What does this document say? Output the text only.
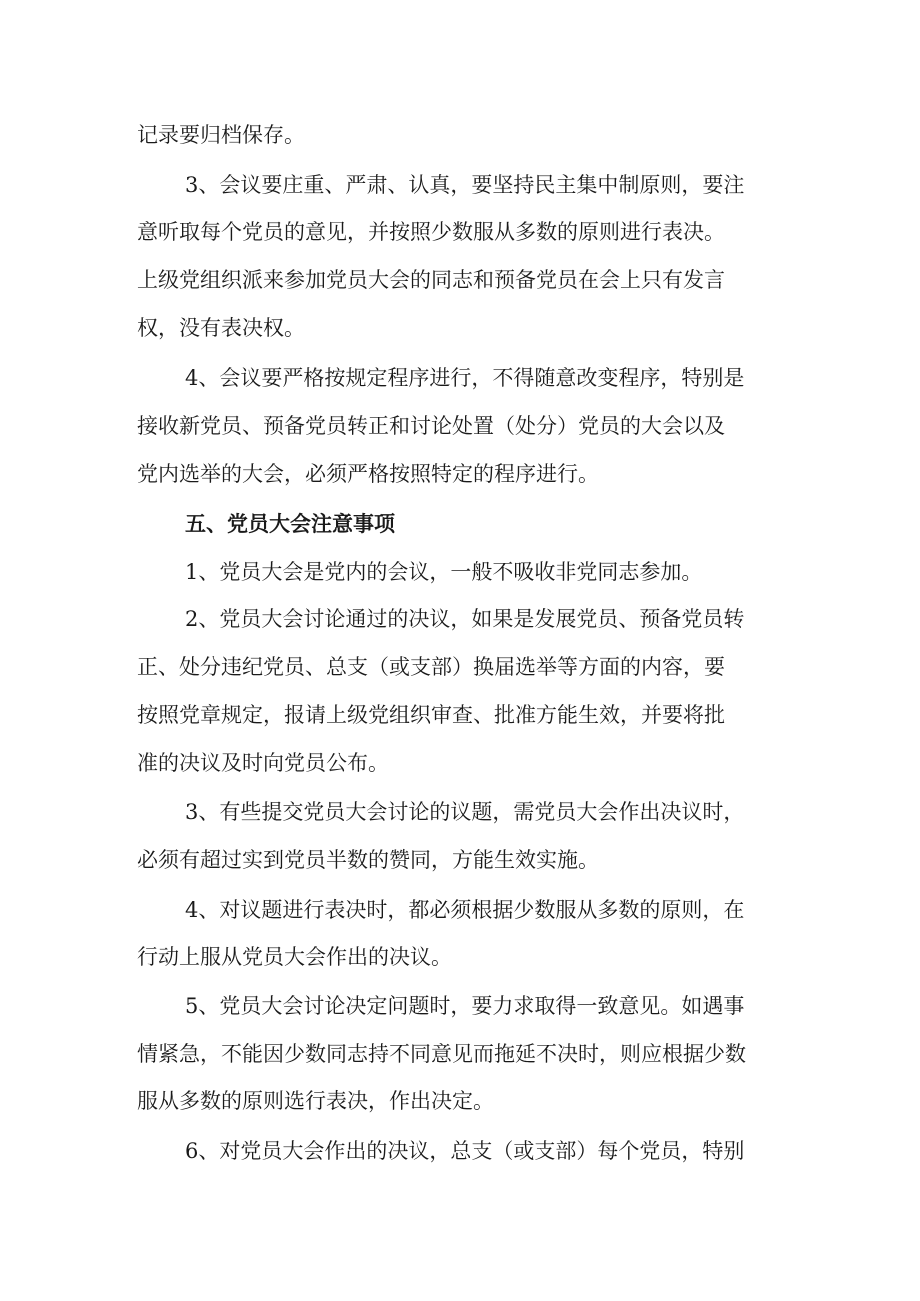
记录要归档保存。
3、会议要庄重、严肃、认真，要坚持民主集中制原则，要注
意听取每个党员的意见，并按照少数服从多数的原则进行表决。
上级党组织派来参加党员大会的同志和预备党员在会上只有发言
权，没有表决权。
4、会议要严格按规定程序进行，不得随意改变程序，特别是
接收新党员、预备党员转正和讨论处置（处分）党员的大会以及
党内选举的大会，必须严格按照特定的程序进行。
五、党员大会注意事项
1、党员大会是党内的会议，一般不吸收非党同志参加。
2、党员大会讨论通过的决议，如果是发展党员、预备党员转
正、处分违纪党员、总支（或支部）换届选举等方面的内容，要
按照党章规定，报请上级党组织审查、批准方能生效，并要将批
准的决议及时向党员公布。
3、有些提交党员大会讨论的议题，需党员大会作出决议时，
必须有超过实到党员半数的赞同，方能生效实施。
4、对议题进行表决时，都必须根据少数服从多数的原则，在
行动上服从党员大会作出的决议。
5、党员大会讨论决定问题时，要力求取得一致意见。如遇事
情紧急，不能因少数同志持不同意见而拖延不决时，则应根据少数
服从多数的原则选行表决，作出决定。
6、对党员大会作出的决议，总支（或支部）每个党员，特别
